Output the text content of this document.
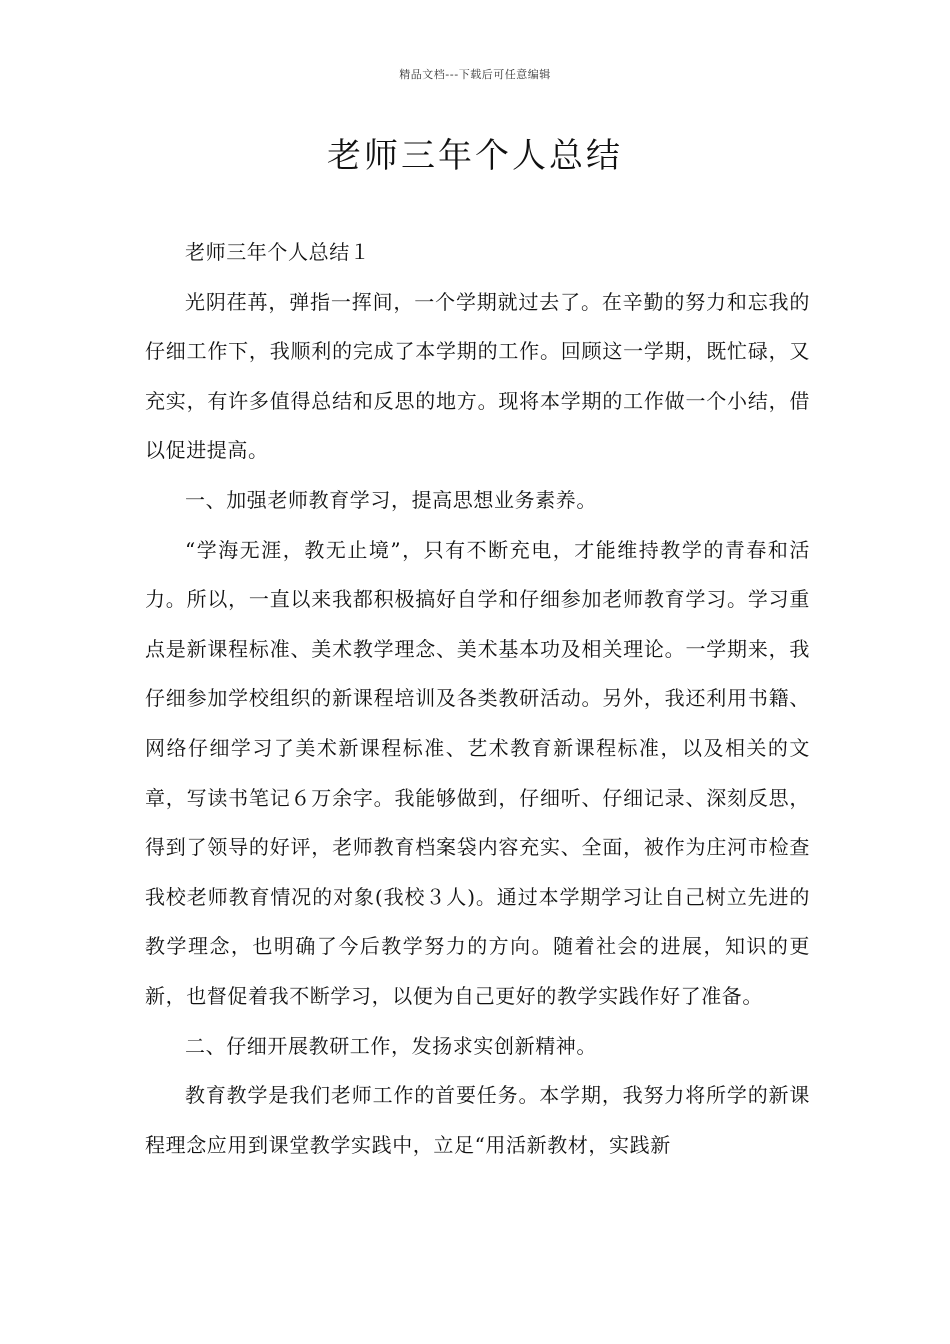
精品文档---下载后可任意编辑
老师三年个人总结

老师三年个人总结１

光阴荏苒，弹指一挥间，一个学期就过去了。在辛勤的努力和忘我的仔细工作下，我顺利的完成了本学期的工作。回顾这一学期，既忙碌，又充实，有许多值得总结和反思的地方。现将本学期的工作做一个小结，借以促进提高。

一、加强老师教育学习，提高思想业务素养。

“学海无涯，教无止境”，只有不断充电，才能维持教学的青春和活力。所以，一直以来我都积极搞好自学和仔细参加老师教育学习。学习重点是新课程标准、美术教学理念、美术基本功及相关理论。一学期来，我仔细参加学校组织的新课程培训及各类教研活动。另外，我还利用书籍、网络仔细学习了美术新课程标准、艺术教育新课程标准，以及相关的文章，写读书笔记６万余字。我能够做到，仔细听、仔细记录、深刻反思，得到了领导的好评，老师教育档案袋内容充实、全面，被作为庄河市检查我校老师教育情况的对象(我校３人)。通过本学期学习让自己树立先进的教学理念，也明确了今后教学努力的方向。随着社会的进展，知识的更新，也督促着我不断学习，以便为自己更好的教学实践作好了准备。

二、仔细开展教研工作，发扬求实创新精神。

教育教学是我们老师工作的首要任务。本学期，我努力将所学的新课程理念应用到课堂教学实践中，立足“用活新教材，实践新
